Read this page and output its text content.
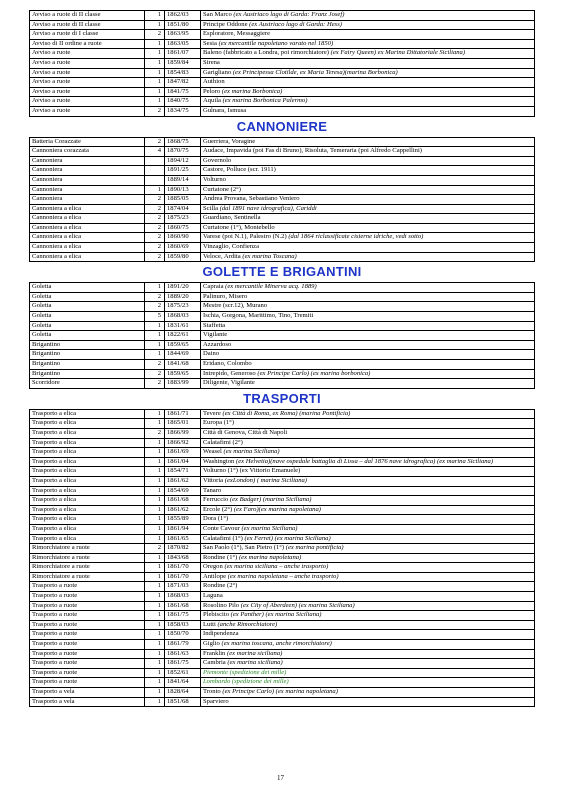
Avviso a ruote di II classe	1	1862/03	San Marco (ex Austriaco lago di Garda: Franz Josef)
Avviso a ruote di II classe	1	1851/80	Principe Oddone (ex Austriaco lago di Garda: Hess)
Avviso a ruote di I classe	2	1863/95	Esploratore, Messaggiere
Avviso di II ordine a ruote	1	1863/05	Sesia (ex mercantile napoletano varato nel 1850)
Avviso a ruote	1	1861/07	Baleno (fabbricato a Londra, poi rimorchiatore) (ex Fairy Queen) ex Marina Dittatoriale Siciliana)
Avviso a ruote	1	1859/84	Sirena
Avviso a ruote	1	1854/83	Garigliano (ex Principessa Clotilde, ex Maria Teresa)(marina Borbonica)
Avviso a ruote	1	1847/82	Authion
Avviso a ruote	1	1841/75	Peloro (ex marina Borbonica)
Avviso a ruote	1	1840/75	Aquila (ex marina Borbonica Palermo)
Avviso a ruote	2	1834/75	Gulnara, Ismusa
CANNONIERE
Batteria Corazzate	2	1868/75	Guerriera, Voragine
Cannoniera corazzata	4	1870/75	Audace, Impavida (poi Fas di Bruno), Risoluta, Temeraria (poi Alfredo Cappellini)
Cannoniera		1894/12	Governolo
Cannoniera		1891/25	Castore, Polluce (scr. 1911)
Cannoniera		1889/14	Volturno
Cannoniera	1	1890/13	Curtatone (2°)
Cannoniera	2	1885/05	Andrea Provana, Sebastiano Veniero
Cannoniera a elica	2	1874/04	Scilla (dal 1891 nave idrografica), Cariddi
Cannoniera a elica	2	1875/23	Guardiano, Sentinella
Cannoniera a elica	2	1860/75	Curtatone (1°), Montebello
Cannoniera a elica	2	1860/90	Varese (poi N.1), Palestro (N.2) (dal 1864 riclassificate cisterne idriche, vedi sotto)
Cannoniera a elica	2	1860/69	Vinzaglio, Confienza
Cannoniera a elica	2	1859/80	Veloce, Ardita (ex marina Toscana)
GOLETTE E BRIGANTINI
Goletta	1	1891/20	Capraia (ex mercantile Minerva acq. 1889)
Goletta	2	1889/20	Palinuro, Misero
Goletta	2	1875/23	Mestre (scr.12), Murano
Goletta	5	1868/03	Ischia, Gorgona, Marittimo, Tino, Tremiti
Goletta	1	1831/61	Staffetta
Goletta	1	1822/61	Vigilante
Brigantino	1	1859/65	Azzardoso
Brigantino	1	1844/69	Daino
Brigantino	2	1841/68	Eridano, Colombo
Brigantino	2	1859/65	Intrepido, Generoso (ex Principe Carlo) (ex marina borbonica)
Scorridore	2	1883/99	Diligente, Vigilante
TRASPORTI
Trasporto a elica	1	1861/71	Tevere (ex Città di Roma, ex Roma) (marina Pontificia)
Trasporto a elica	1	1865/01	Europa (1°)
Trasporto a elica	2	1866/99	Città di Genova, Città di Napoli
Trasporto a elica	1	1866/92	Calatafimi (2°)
Trasporto a elica	1	1861/69	Weasel (ex marina Siciliana)
Trasporto a elica	1	1861/04	Washington (ex Helvetia)(nave ospedale battaglia di Lissa – dal 1876 nave idrografica) (ex marina Siciliana)
Trasporto a elica	1	1854/71	Volturno (1°) (ex Vittorio Emanuele)
Trasporto a elica	1	1861/62	Vittoria (exLondon) ( marina Siciliana)
Trasporto a elica	1	1854/69	Tanaro
Trasporto a elica	1	1861/68	Ferruccio (ex Badger) (marina Siciliana)
Trasporto a elica	1	1861/62	Ercole (2°) (ex Faro)(ex marina napoletana)
Trasporto a elica	1	1855/89	Dora (1°)
Trasporto a elica	1	1861/94	Conte Cavour (ex marina Siciliana)
Trasporto a elica	1	1861/65	Calatafimi (1°) (ex Ferret) (ex marina Siciliana)
Rimorchiatore a ruote	2	1870/82	San Paolo (1°), San Pietro (1°) (ex marina pontificia)
Rimorchiatore a ruote	1	1843/68	Rondine (1°) (ex marina napoletana)
Rimorchiatore a ruote	1	1861/70	Oregon (ex marina siciliana – anche trasporto)
Rimorchiatore a ruote	1	1861/70	Antilope (ex marina napoletana – anche trasporto)
Trasporto a ruote	1	1871/03	Rondine (2°)
Trasporto a ruote	1	1868/03	Laguna
Trasporto a ruote	1	1861/68	Rosolino Pilo (ex City of Aberdeen) (ex marina Siciliana)
Trasporto a ruote	1	1861/75	Plebiscito (ex Panther) (ex marina Siciliana)
Trasporto a ruote	1	1858/03	Lutti (anche Rimorchiatore)
Trasporto a ruote	1	1850/70	Indipendenza
Trasporto a ruote	1	1861/79	Giglio (ex marina toscana, anche rimorchiatore)
Trasporto a ruote	1	1861/63	Franklin (ex marina siciliana)
Trasporto a ruote	1	1861/75	Cambria (ex marina siciliana)
Trasporto a ruote	1	1852/61	Piemonte (spedizione dei mille)
Trasporto a ruote	1	1841/64	Lombardo (spedizione dei mille)
Trasporto a vela	1	1828/64	Tronto (ex Principe Carlo) (ex marina napoletana)
Trasporto a vela	1	1851/68	Sparviero
17
